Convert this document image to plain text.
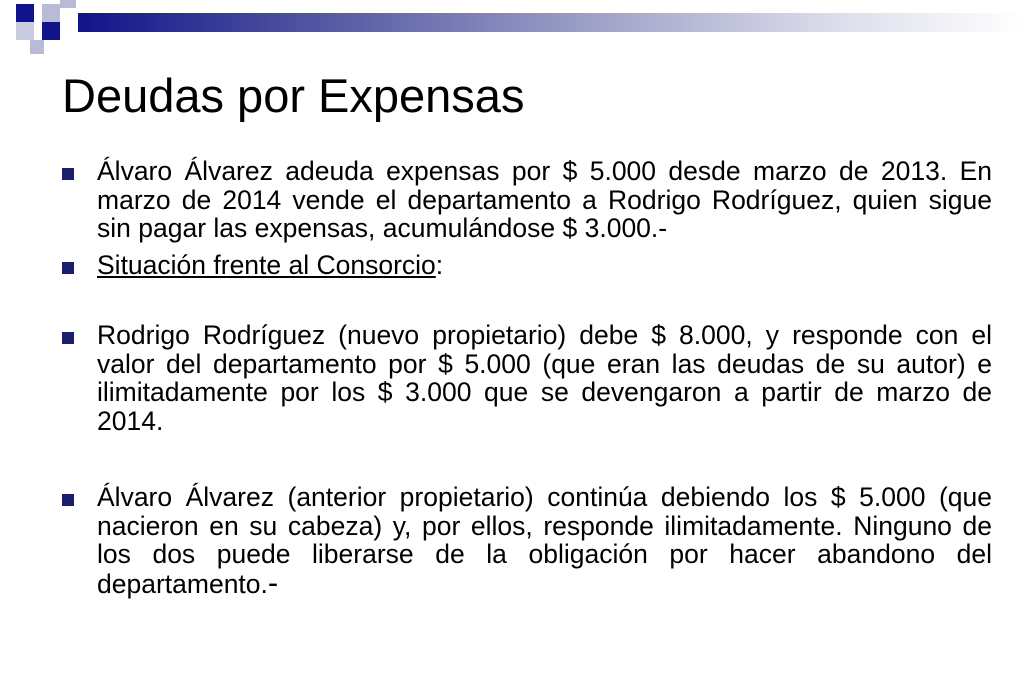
Deudas por Expensas
Álvaro Álvarez adeuda expensas por $ 5.000 desde marzo de 2013. En marzo de 2014 vende el departamento a Rodrigo Rodríguez, quien sigue sin pagar las expensas, acumulándose $ 3.000.-
Situación frente al Consorcio:
Rodrigo Rodríguez (nuevo propietario) debe $ 8.000, y responde con el valor del departamento por $ 5.000 (que eran las deudas de su autor) e ilimitadamente por los $ 3.000 que se devengaron a partir de marzo de 2014.
Álvaro Álvarez (anterior propietario) continúa debiendo los $ 5.000 (que nacieron en su cabeza) y, por ellos, responde ilimitadamente. Ninguno de los dos puede liberarse de la obligación por hacer abandono del departamento.-
